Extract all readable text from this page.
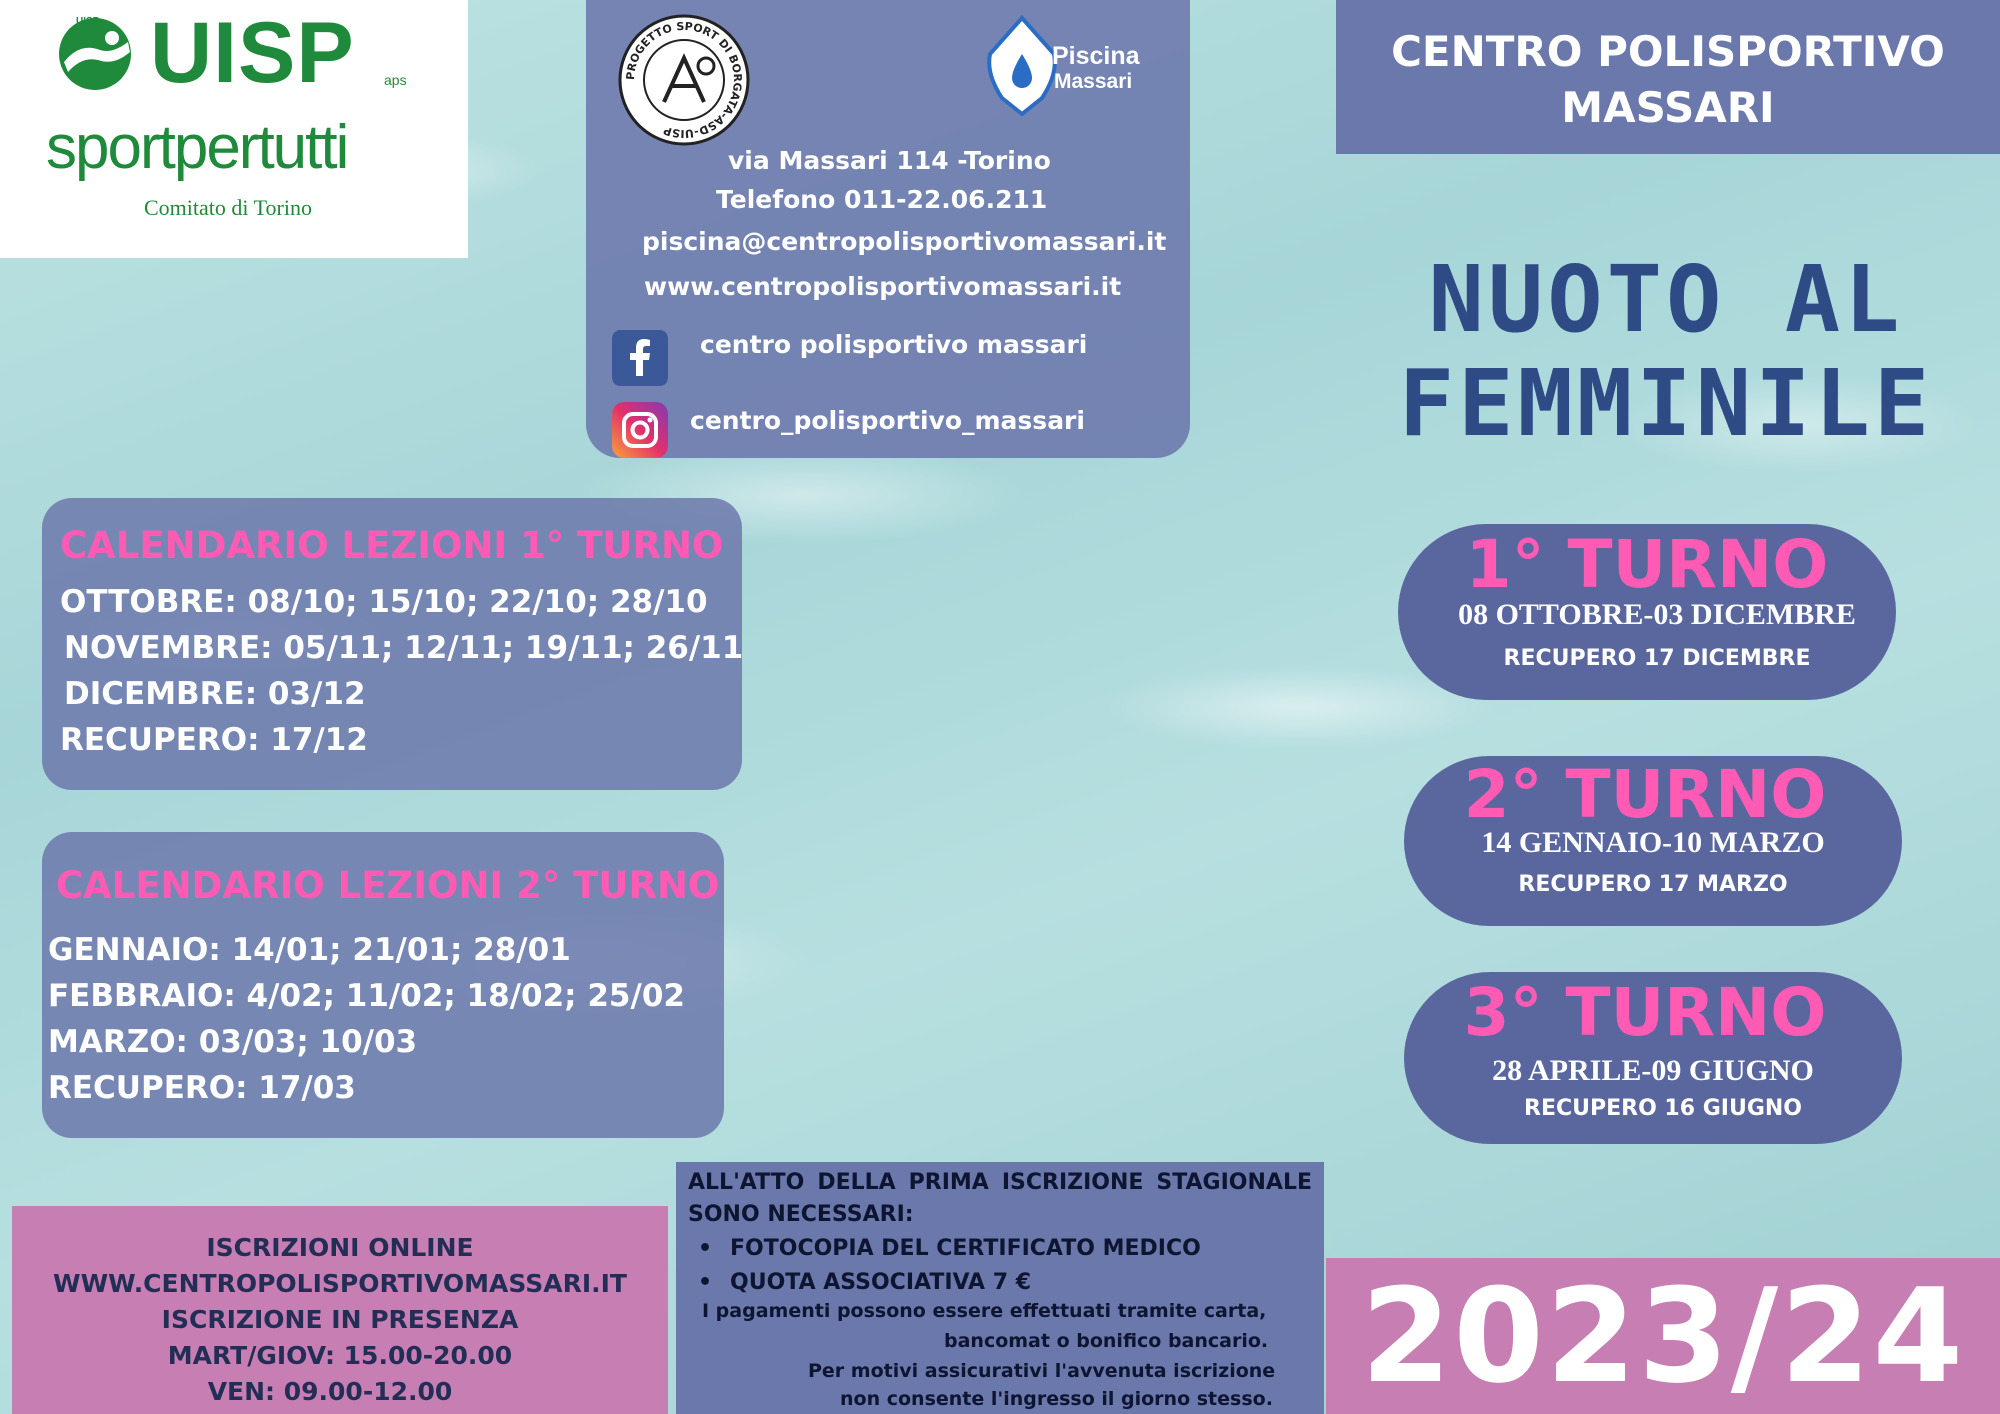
UISP UISP aps
sportpertutti
Comitato di Torino
PROGETTO SPORT DI BORGATA-ASD-UISP
Piscina
Massari
via Massari 114 -Torino
Telefono 011-22.06.211
piscina@centropolisportivomassari.it
www.centropolisportivomassari.it
centro polisportivo massari
centro_polisportivo_massari
CENTRO POLISPORTIVO
MASSARI
NUOTO AL
FEMMINILE
CALENDARIO LEZIONI 1° TURNO
OTTOBRE: 08/10; 15/10; 22/10; 28/10
NOVEMBRE: 05/11; 12/11; 19/11; 26/11
DICEMBRE: 03/12
RECUPERO: 17/12
CALENDARIO LEZIONI 2° TURNO
GENNAIO: 14/01; 21/01; 28/01
FEBBRAIO: 4/02; 11/02; 18/02; 25/02
MARZO: 03/03; 10/03
RECUPERO: 17/03
1° TURNO
08 OTTOBRE-03 DICEMBRE
RECUPERO 17 DICEMBRE
2° TURNO
14 GENNAIO-10 MARZO
RECUPERO 17 MARZO
3° TURNO
28 APRILE-09 GIUGNO
RECUPERO 16 GIUGNO
ISCRIZIONI ONLINE
WWW.CENTROPOLISPORTIVOMASSARI.IT
ISCRIZIONE IN PRESENZA
MART/GIOV: 15.00-20.00
VEN: 09.00-12.00
ALL'ATTO DELLA PRIMA ISCRIZIONE STAGIONALE
SONO NECESSARI:
• FOTOCOPIA DEL CERTIFICATO MEDICO
• QUOTA ASSOCIATIVA 7 €
I pagamenti possono essere effettuati tramite carta,
bancomat o bonifico bancario.
Per motivi assicurativi l'avvenuta iscrizione
non consente l'ingresso il giorno stesso. 2023/24
